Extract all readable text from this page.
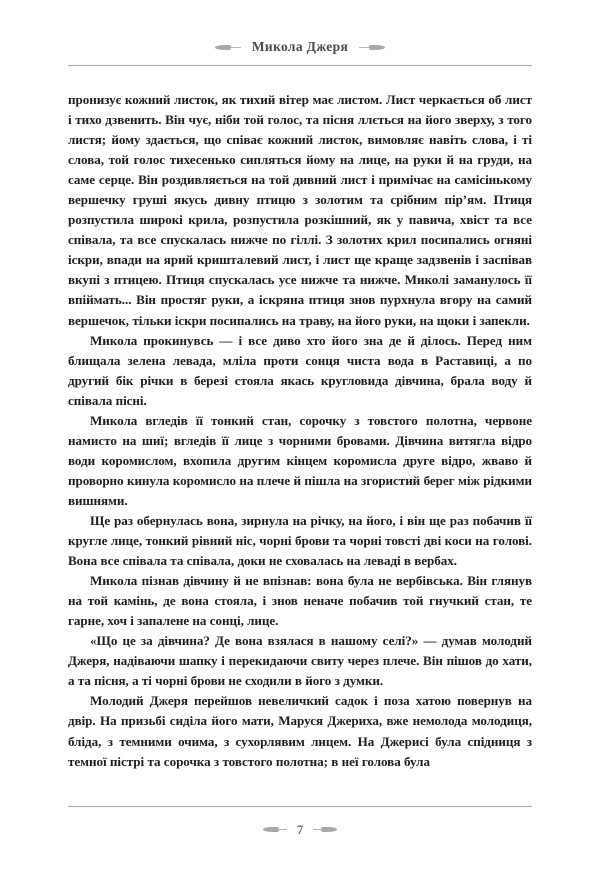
Микола Джеря

пронизує кожний листок, як тихий вітер має листом. Лист черкається об лист і тихо дзвенить. Він чує, ніби той голос, та пісня ллється на його зверху, з того листя; йому здається, що співає кожний листок, вимовляє навіть слова, і ті слова, той голос тихесенько сипляться йому на лице, на руки й на груди, на саме серце. Він роздивляється на той дивний лист і примічає на самісінькому вершечку груші якусь дивну птицю з золотим та срібним пір’ям. Птиця розпустила широкі крила, розпустила розкішний, як у павича, хвіст та все співала, та все спускалась нижче по гіллі. З золотих крил посипались огняні іскри, впади на ярий кришталевий лист, і лист ще краще задзвенів і заспівав вкупі з птицею. Птиця спускалась усе нижче та нижче. Миколі заманулось її впіймать... Він простяг руки, а іскряна птиця знов пурхнула вгору на самий вершечок, тільки іскри посипались на траву, на його руки, на щоки і запекли.

Микола прокинувсь — і все диво хто його зна де й ділось. Перед ним блищала зелена левада, мліла проти сонця чиста вода в Раставиці, а по другий бік річки в березі стояла якась кругловида дівчина, брала воду й співала пісні.

Микола вгледів її тонкий стан, сорочку з товстого полотна, червоне намисто на шиї; вгледів її лице з чорними бровами. Дівчина витягла відро води коромислом, вхопила другим кінцем коромисла друге відро, жваво й проворно кинула коромисло на плече й пішла на згористий берег між рідкими вишнями.

Ще раз обернулась вона, зирнула на річку, на його, і він ще раз побачив її кругле лице, тонкий рівний ніс, чорні брови та чорні товсті дві коси на голові. Вона все співала та співала, доки не сховалась на леваді в вербах.

Микола пізнав дівчину й не впізнав: вона була не вербівська. Він глянув на той камінь, де вона стояла, і знов неначе побачив той гнучкий стан, те гарне, хоч і запалене на сонці, лице.

«Що це за дівчина? Де вона взялася в нашому селі?» — думав молодий Джеря, надіваючи шапку і перекидаючи свиту через плече. Він пішов до хати, а та пісня, а ті чорні брови не сходили в його з думки.

Молодий Джеря перейшов невеличкий садок і поза хатою повернув на двір. На призьбі сиділа його мати, Маруся Джериха, вже немолода молодиця, бліда, з темними очима, з сухорлявим лицем. На Джерисі була спідниця з темної пістрі та сорочка з товстого полотна; в неї голова була

7
